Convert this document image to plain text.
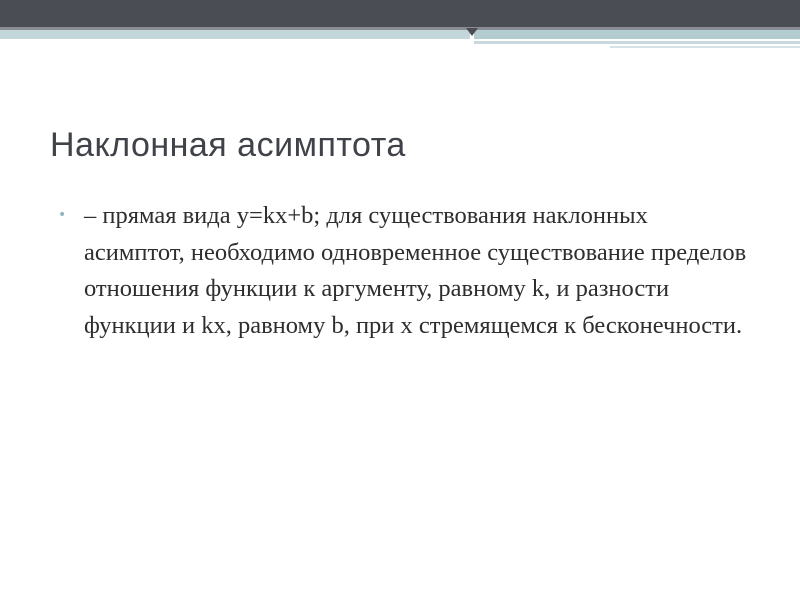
Наклонная асимптота
• – прямая вида y=kx+b; для существования наклонных асимптот, необходимо одновременное существование пределов отношения функции к аргументу, равному k, и разности функции и kx, равному b, при x стремящемся к бесконечности.
